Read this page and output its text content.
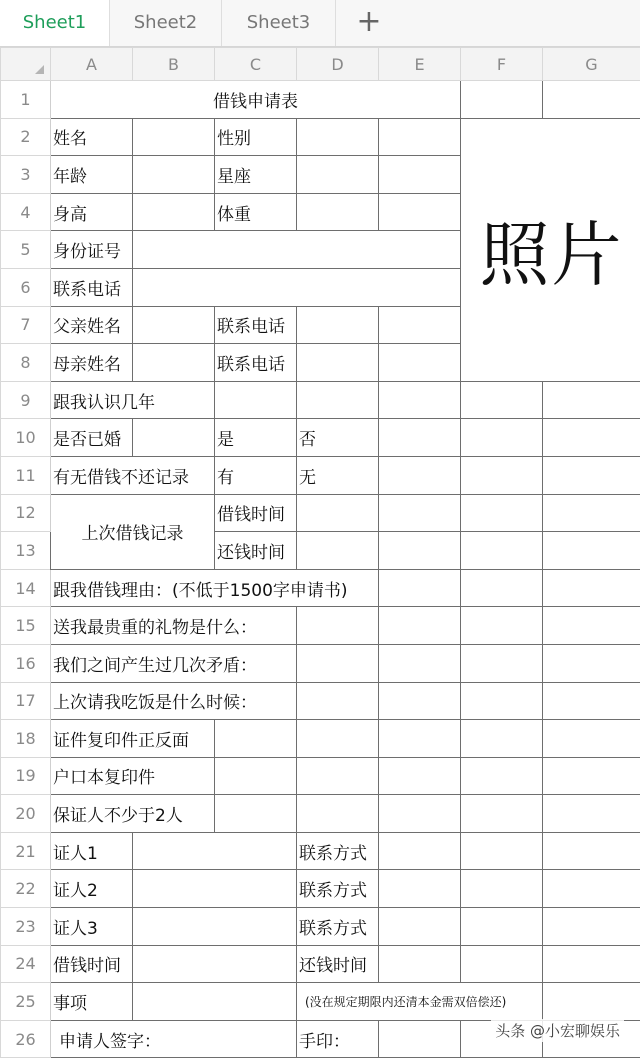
Sheet1	Sheet2	Sheet3	+
	A	B	C	D	E	F	G
1	借钱申请表						
2	姓名		性别			照片	
3	年龄		星座				
4	身高		体重				
5	身份证号						
6	联系电话						
7	父亲姓名		联系电话				
8	母亲姓名		联系电话				
9	跟我认识几年						
10	是否已婚		是	否			
11	有无借钱不还记录		有	无			
12	上次借钱记录		借钱时间				
13			还钱时间				
14	跟我借钱理由：(不低于1500字申请书)						
15	送我最贵重的礼物是什么：						
16	我们之间产生过几次矛盾：						
17	上次请我吃饭是什么时候：						
18	证件复印件正反面						
19	户口本复印件						
20	保证人不少于2人						
21	证人1			联系方式			
22	证人2			联系方式			
23	证人3			联系方式			
24	借钱时间			还钱时间			
25	事项			(没在规定期限内还清本金需双倍偿还)			
26	申请人签字：			手印：			
头条 @小宏聊娱乐
